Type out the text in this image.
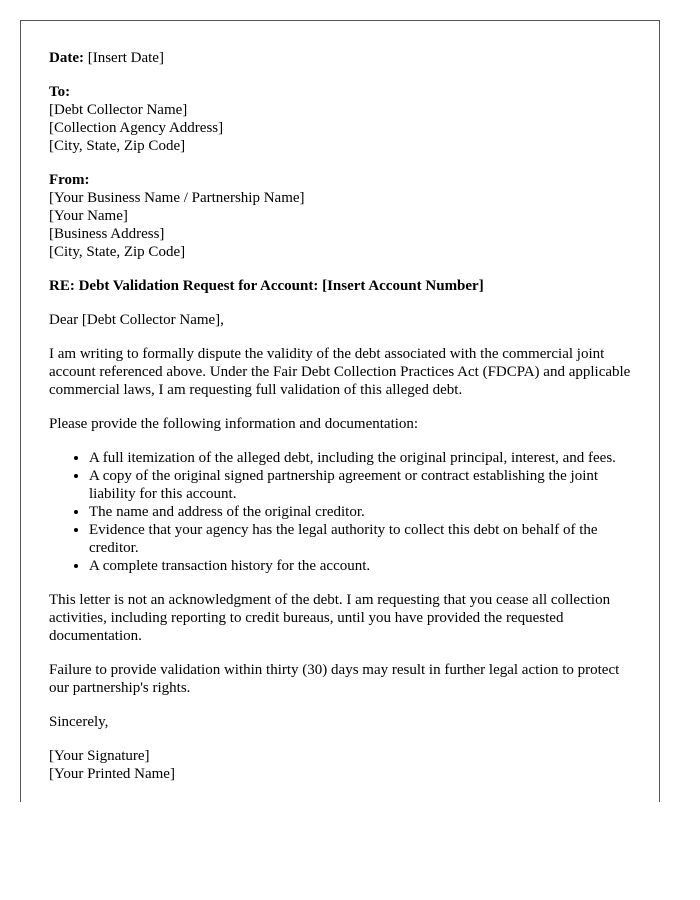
Date: [Insert Date]
To:
[Debt Collector Name]
[Collection Agency Address]
[City, State, Zip Code]
From:
[Your Business Name / Partnership Name]
[Your Name]
[Business Address]
[City, State, Zip Code]
RE: Debt Validation Request for Account: [Insert Account Number]

Dear [Debt Collector Name],

I am writing to formally dispute the validity of the debt associated with the commercial joint account referenced above. Under the Fair Debt Collection Practices Act (FDCPA) and applicable commercial laws, I am requesting full validation of this alleged debt.

Please provide the following information and documentation:

• A full itemization of the alleged debt, including the original principal, interest, and fees.
• A copy of the original signed partnership agreement or contract establishing the joint liability for this account.
• The name and address of the original creditor.
• Evidence that your agency has the legal authority to collect this debt on behalf of the creditor.
• A complete transaction history for the account.

This letter is not an acknowledgment of the debt. I am requesting that you cease all collection activities, including reporting to credit bureaus, until you have provided the requested documentation.

Failure to provide validation within thirty (30) days may result in further legal action to protect our partnership's rights.

Sincerely,

[Your Signature]
[Your Printed Name]
